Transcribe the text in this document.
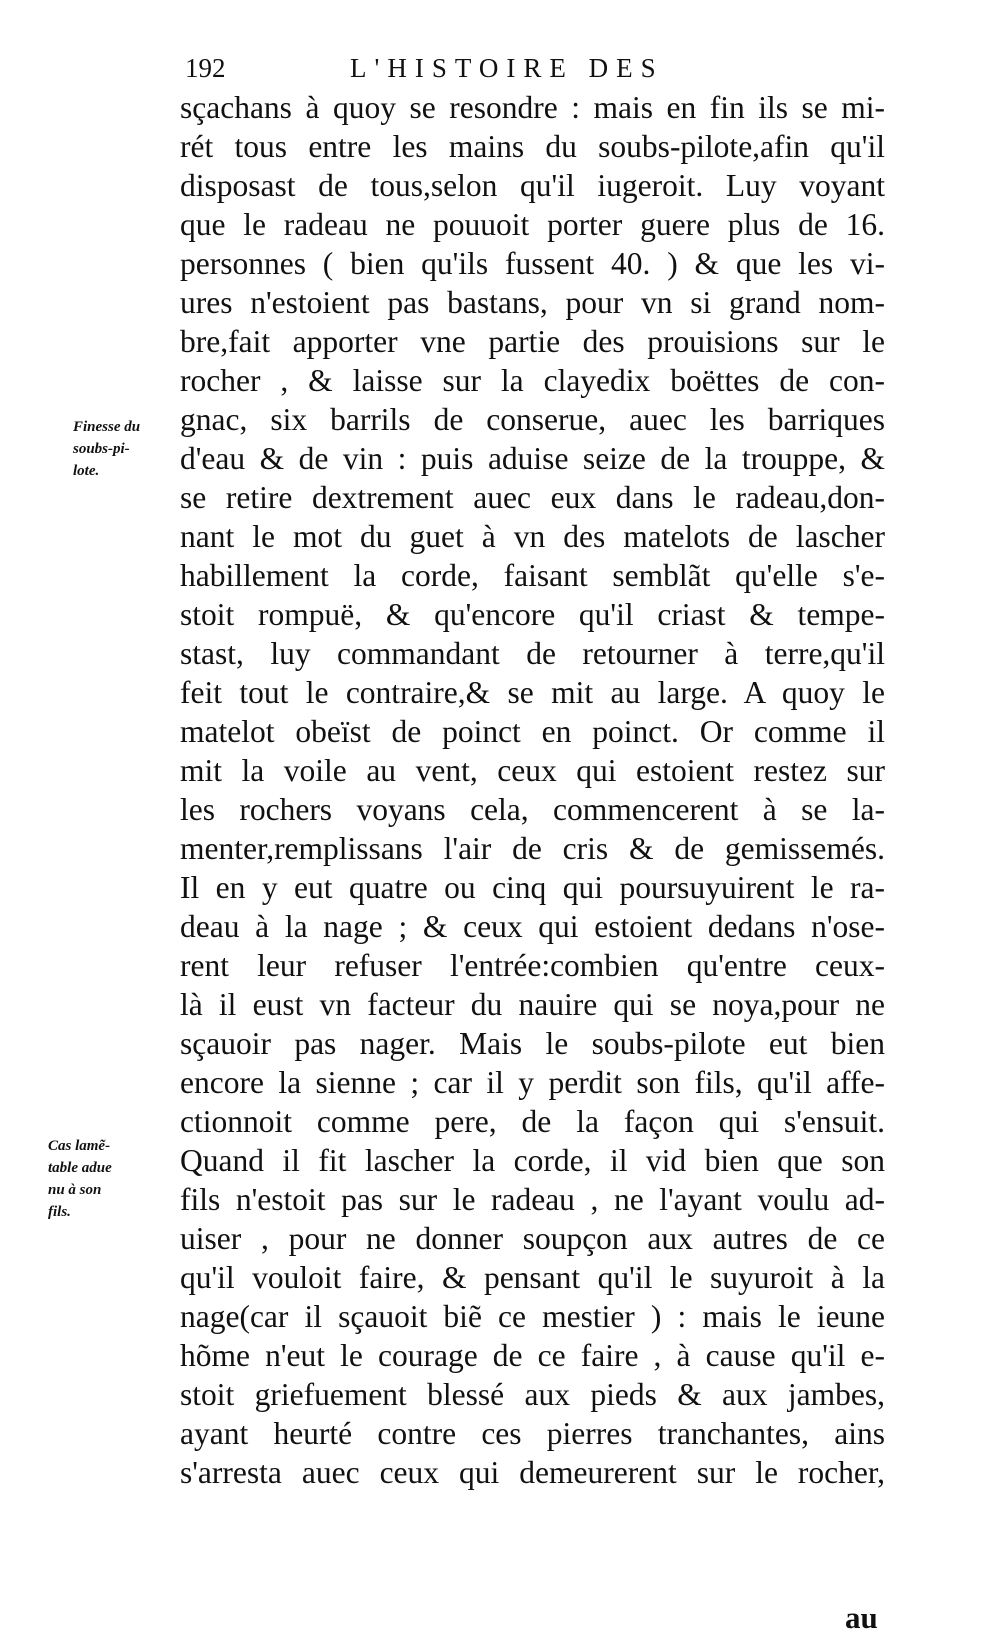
192	L'HISTOIRE DES
sçachans à quoy se resondre : mais en fin ils se mi-
rét tous entre les mains du soubs-pilote,afin qu'il
disposast de tous,selon qu'il iugeroit. Luy voyant
que le radeau ne pouuoit porter guere plus de 16.
personnes ( bien qu'ils fussent 40. ) & que les vi-
ures n'estoient pas bastans, pour vn si grand nom-
bre,fait apporter vne partie des prouisions sur le
rocher , & laisse sur la clayedix boëttes de con-
gnac, six barrils de conserue, auec les barriques
d'eau & de vin : puis aduise seize de la trouppe, &
se retire dextrement auec eux dans le radeau,don-
nant le mot du guet à vn des matelots de lascher
habillement la corde, faisant semblãt qu'elle s'e-
stoit rompuë, & qu'encore qu'il criast & tempe-
stast, luy commandant de retourner à terre,qu'il
feit tout le contraire,& se mit au large. A quoy le
matelot obeïst de poinct en poinct. Or comme il
mit la voile au vent, ceux qui estoient restez sur
les rochers voyans cela, commencerent à se la-
menter,remplissans l'air de cris & de gemissemés.
Il en y eut quatre ou cinq qui poursuyuirent le ra-
deau à la nage ; & ceux qui estoient dedans n'ose-
rent leur refuser l'entrée:combien qu'entre ceux-
là il eust vn facteur du nauire qui se noya,pour ne
sçauoir pas nager. Mais le soubs-pilote eut bien
encore la sienne ; car il y perdit son fils, qu'il affe-
ctionnoit comme pere, de la façon qui s'ensuit.
Quand il fit lascher la corde, il vid bien que son
fils n'estoit pas sur le radeau , ne l'ayant voulu ad-
uiser , pour ne donner soupçon aux autres de ce
qu'il vouloit faire, & pensant qu'il le suyuroit à la
nage(car il sçauoit biẽ ce mestier ) : mais le ieune
hõme n'eut le courage de ce faire , à cause qu'il e-
stoit griefuement blessé aux pieds & aux jambes,
ayant heurté contre ces pierres tranchantes, ains
s'arresta auec ceux qui demeurerent sur le rocher,
Finesse du
soubs-pi-
lote.
Cas lamẽ-
table adue
nu à son
fils.
au
